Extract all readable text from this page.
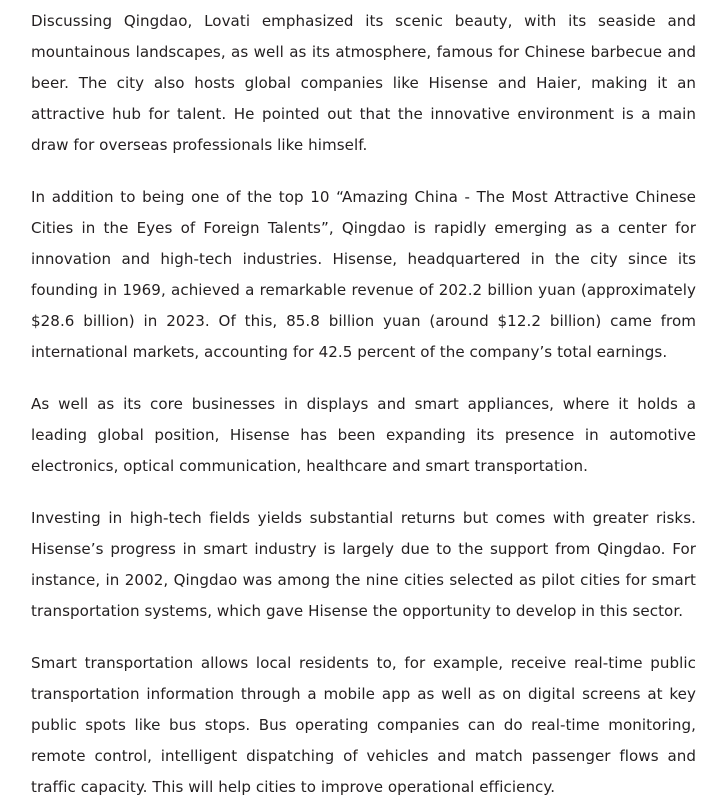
Discussing Qingdao, Lovati emphasized its scenic beauty, with its seaside and mountainous landscapes, as well as its atmosphere, famous for Chinese barbecue and beer. The city also hosts global companies like Hisense and Haier, making it an attractive hub for talent. He pointed out that the innovative environment is a main draw for overseas professionals like himself.

In addition to being one of the top 10 “Amazing China - The Most Attractive Chinese Cities in the Eyes of Foreign Talents”, Qingdao is rapidly emerging as a center for innovation and high-tech industries. Hisense, headquartered in the city since its founding in 1969, achieved a remarkable revenue of 202.2 billion yuan (approximately $28.6 billion) in 2023. Of this, 85.8 billion yuan (around $12.2 billion) came from international markets, accounting for 42.5 percent of the company’s total earnings.

As well as its core businesses in displays and smart appliances, where it holds a leading global position, Hisense has been expanding its presence in automotive electronics, optical communication, healthcare and smart transportation.

Investing in high-tech fields yields substantial returns but comes with greater risks. Hisense’s progress in smart industry is largely due to the support from Qingdao. For instance, in 2002, Qingdao was among the nine cities selected as pilot cities for smart transportation systems, which gave Hisense the opportunity to develop in this sector.

Smart transportation allows local residents to, for example, receive real-time public transportation information through a mobile app as well as on digital screens at key public spots like bus stops. Bus operating companies can do real-time monitoring, remote control, intelligent dispatching of vehicles and match passenger flows and traffic capacity. This will help cities to improve operational efficiency.
